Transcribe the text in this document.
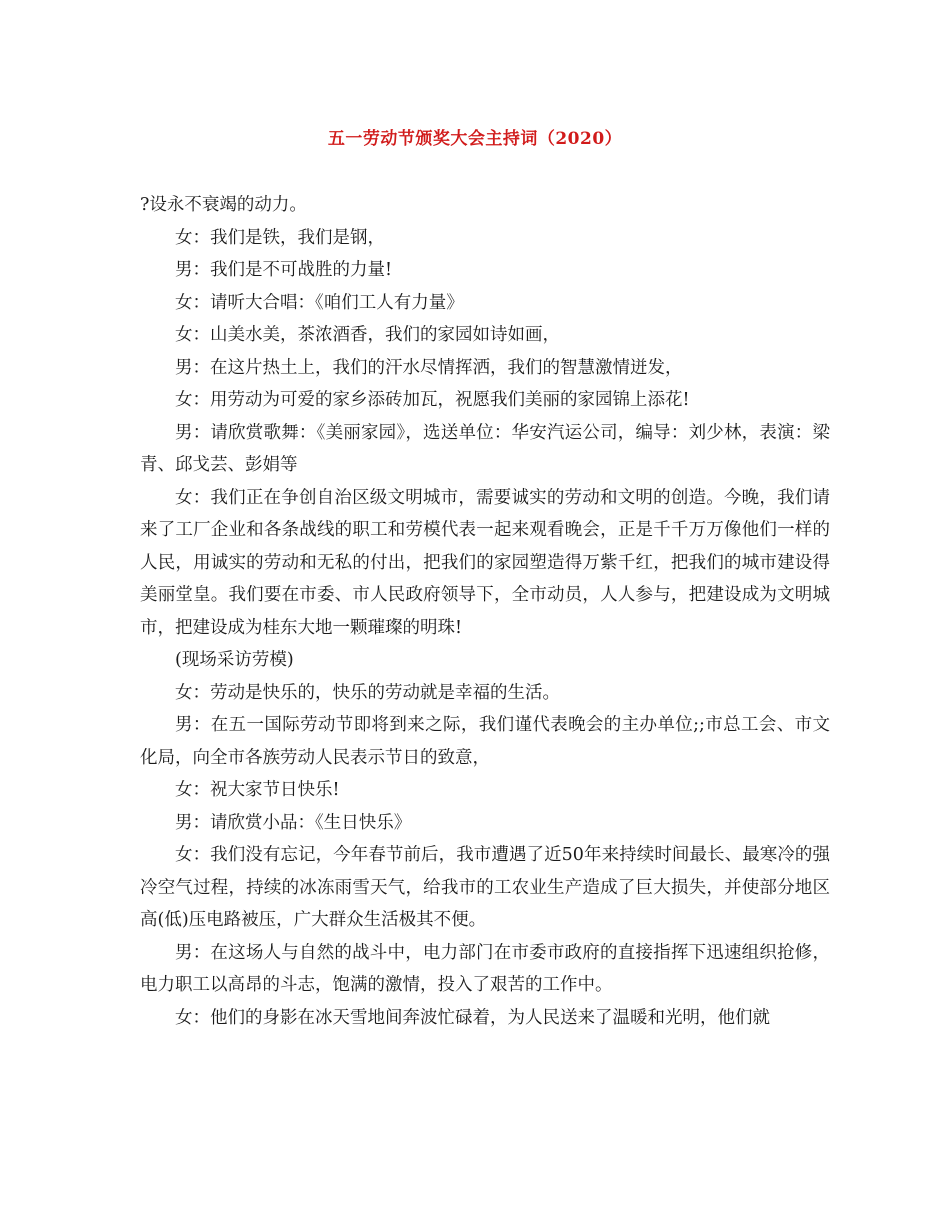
五一劳动节颁奖大会主持词（2020）

?设永不衰竭的动力。

女：我们是铁，我们是钢，

男：我们是不可战胜的力量!

女：请听大合唱：《咱们工人有力量》

女：山美水美，茶浓酒香，我们的家园如诗如画，

男：在这片热土上，我们的汗水尽情挥洒，我们的智慧激情迸发，

女：用劳动为可爱的家乡添砖加瓦，祝愿我们美丽的家园锦上添花!

男：请欣赏歌舞：《美丽家园》，选送单位：华安汽运公司，编导：刘少林，表演：梁青、邱戈芸、彭娟等

女：我们正在争创自治区级文明城市，需要诚实的劳动和文明的创造。今晚，我们请来了工厂企业和各条战线的职工和劳模代表一起来观看晚会，正是千千万万像他们一样的人民，用诚实的劳动和无私的付出，把我们的家园塑造得万紫千红，把我们的城市建设得美丽堂皇。我们要在市委、市人民政府领导下，全市动员，人人参与，把建设成为文明城市，把建设成为桂东大地一颗璀璨的明珠!

(现场采访劳模)

女：劳动是快乐的，快乐的劳动就是幸福的生活。

男：在五一国际劳动节即将到来之际，我们谨代表晚会的主办单位;;市总工会、市文化局，向全市各族劳动人民表示节日的致意，

女：祝大家节日快乐!

男：请欣赏小品：《生日快乐》

女：我们没有忘记，今年春节前后，我市遭遇了近50年来持续时间最长、最寒冷的强冷空气过程，持续的冰冻雨雪天气，给我市的工农业生产造成了巨大损失，并使部分地区高(低)压电路被压，广大群众生活极其不便。

男：在这场人与自然的战斗中，电力部门在市委市政府的直接指挥下迅速组织抢修，电力职工以高昂的斗志，饱满的激情，投入了艰苦的工作中。

女：他们的身影在冰天雪地间奔波忙碌着，为人民送来了温暖和光明，他们就
